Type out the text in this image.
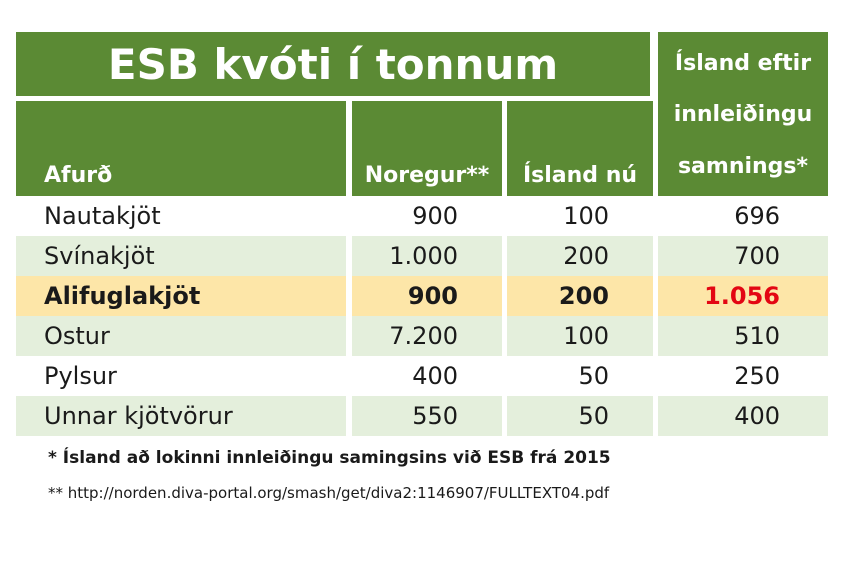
ESB kvóti í tonnum	Ísland eftir
innleiðingu
samnings*
Afurð	Noregur**	Ísland nú
Nautakjöt	900	100	696
Svínakjöt	1.000	200	700
Alifuglakjöt	900	200	1.056
Ostur	7.200	100	510
Pylsur	400	50	250
Unnar kjötvörur	550	50	400
* Ísland að lokinni innleiðingu samingsins við ESB frá 2015
** http://norden.diva-portal.org/smash/get/diva2:1146907/FULLTEXT04.pdf
